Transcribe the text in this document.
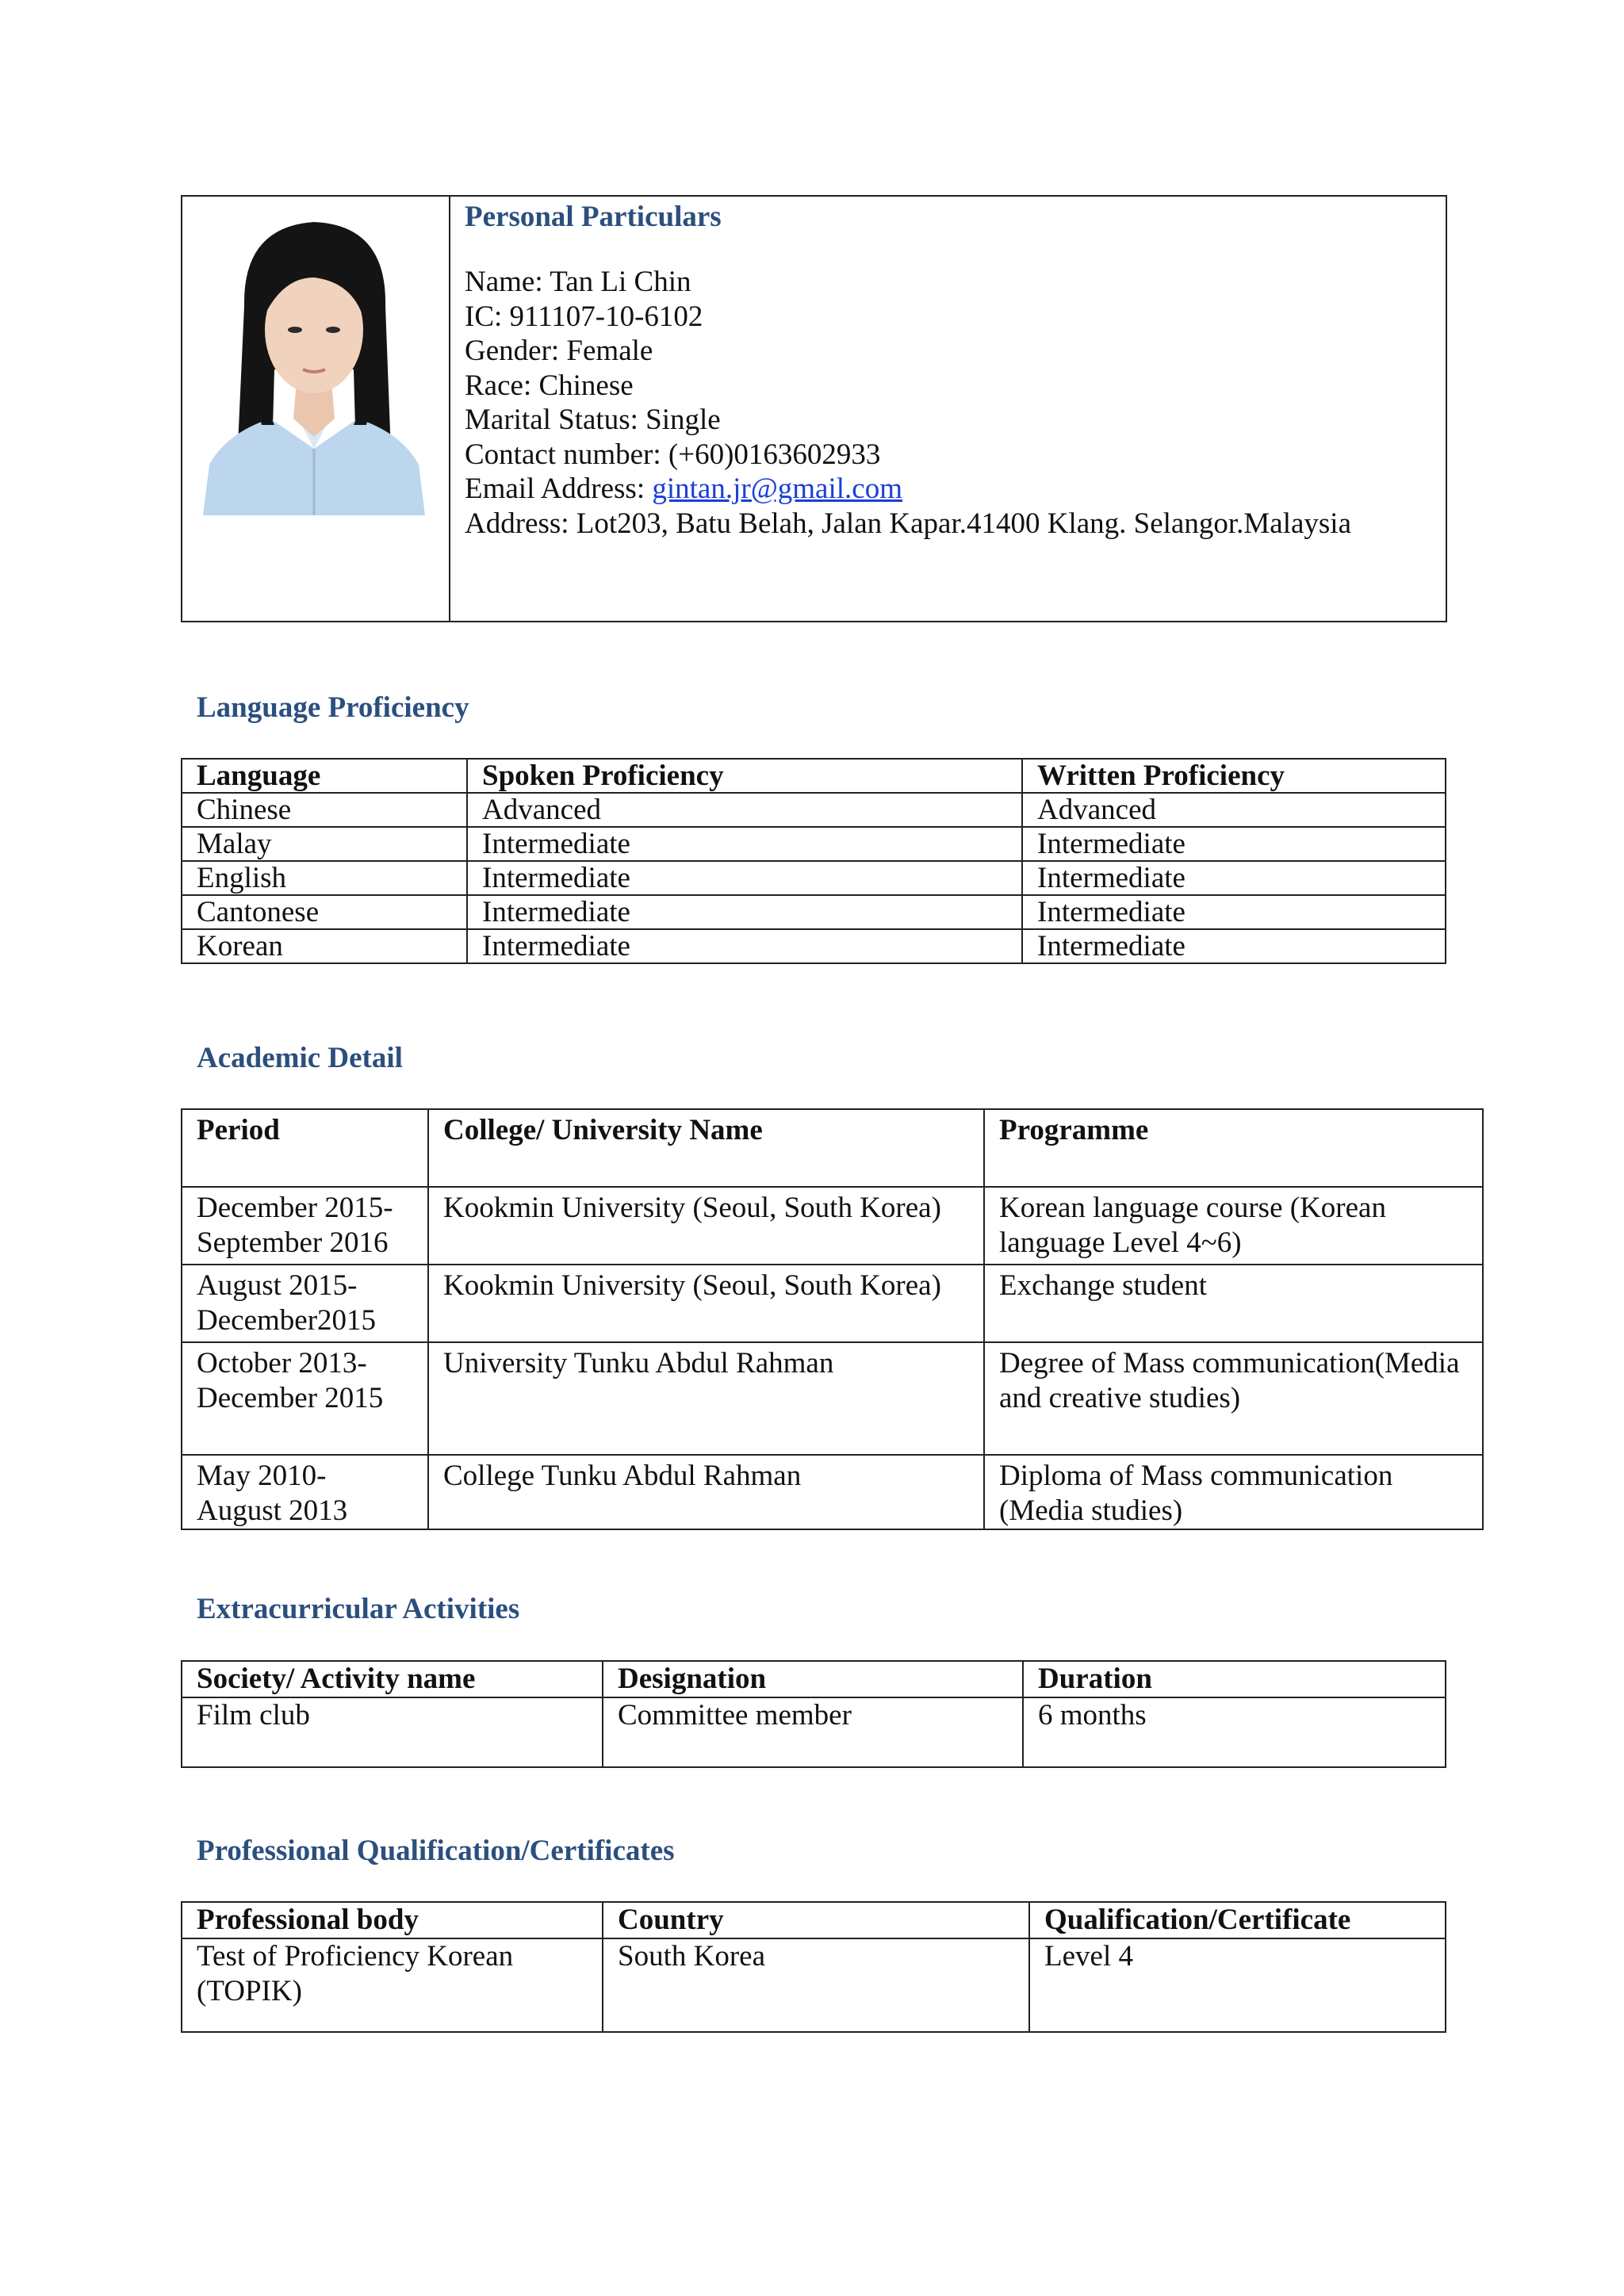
Personal Particulars
Name: Tan Li Chin
IC: 911107-10-6102
Gender: Female
Race: Chinese
Marital Status: Single
Contact number: (+60)0163602933
Email Address: gintan.jr@gmail.com
Address: Lot203, Batu Belah, Jalan Kapar.41400 Klang. Selangor.Malaysia
Language Proficiency
Language	Spoken Proficiency	Written Proficiency
Chinese	Advanced	Advanced
Malay	Intermediate	Intermediate
English	Intermediate	Intermediate
Cantonese	Intermediate	Intermediate
Korean	Intermediate	Intermediate
Academic Detail
Period	College/ University Name	Programme
December 2015- September 2016	Kookmin University (Seoul, South Korea)	Korean language course (Korean language Level 4~6)
August 2015- December2015	Kookmin University (Seoul, South Korea)	Exchange student
October 2013- December 2015	University Tunku Abdul Rahman	Degree of Mass communication(Media and creative studies)
May 2010- August 2013	College Tunku Abdul Rahman	Diploma of Mass communication (Media studies)
Extracurricular Activities
Society/ Activity name	Designation	Duration
Film club	Committee member	6 months
Professional Qualification/Certificates
Professional body	Country	Qualification/Certificate
Test of Proficiency Korean (TOPIK)	South Korea	Level 4
